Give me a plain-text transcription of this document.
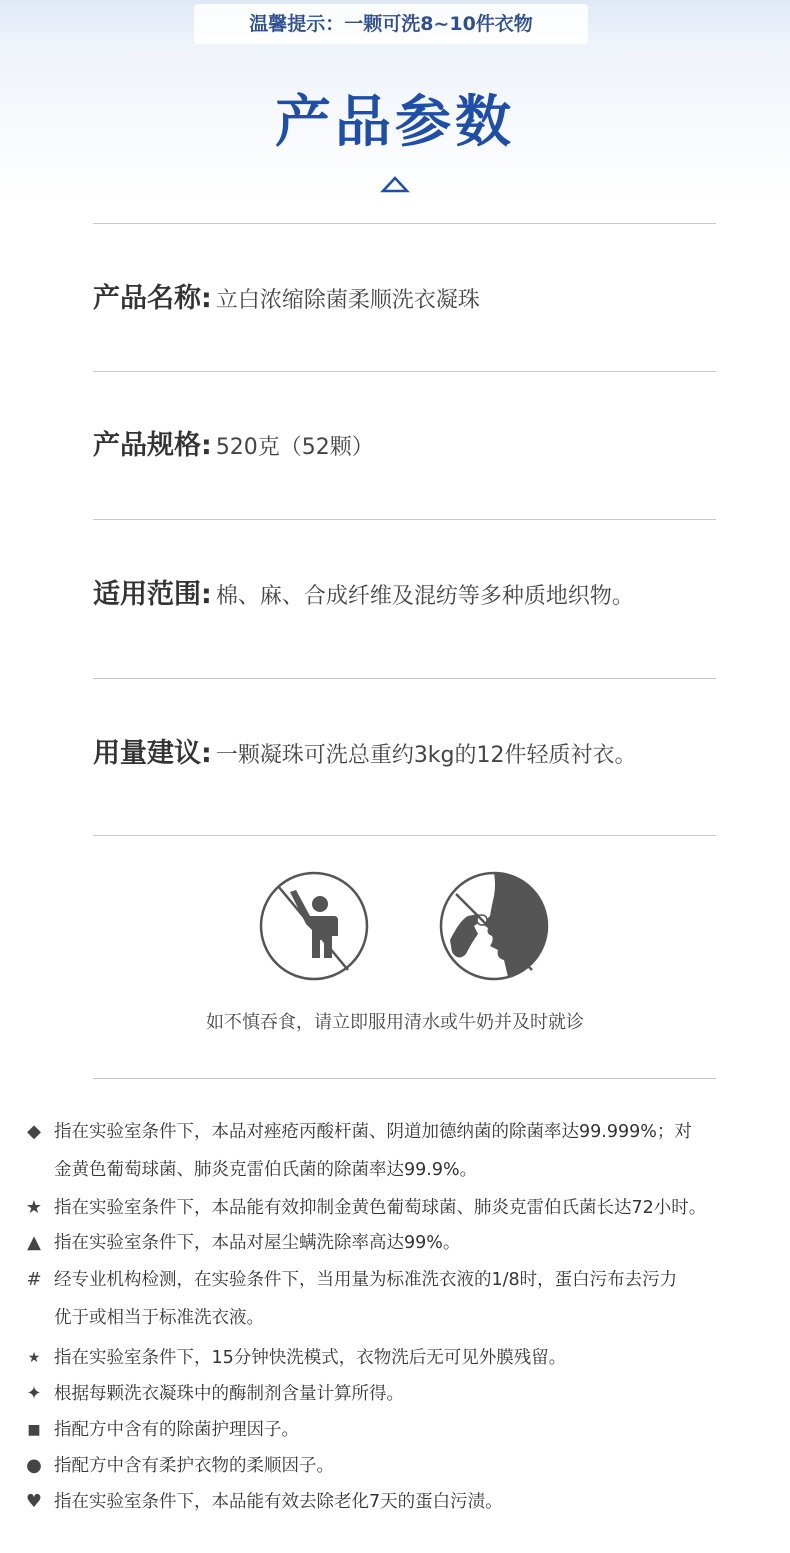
温馨提示：一颗可洗8~10件衣物
产品参数
产品名称: 立白浓缩除菌柔顺洗衣凝珠
产品规格: 520克（52颗）
适用范围: 棉、麻、合成纤维及混纺等多种质地织物。
用量建议: 一颗凝珠可洗总重约3kg的12件轻质衬衣。
如不慎吞食，请立即服用清水或牛奶并及时就诊
◆ 指在实验室条件下，本品对痤疮丙酸杆菌、阴道加德纳菌的除菌率达99.999%；对
金黄色葡萄球菌、肺炎克雷伯氏菌的除菌率达99.9%。
★ 指在实验室条件下，本品能有效抑制金黄色葡萄球菌、肺炎克雷伯氏菌长达72小时。
▲ 指在实验室条件下，本品对屋尘螨洗除率高达99%。
# 经专业机构检测，在实验条件下，当用量为标准洗衣液的1/8时，蛋白污布去污力
优于或相当于标准洗衣液。
★ 指在实验室条件下，15分钟快洗模式，衣物洗后无可见外膜残留。
✦ 根据每颗洗衣凝珠中的酶制剂含量计算所得。
■ 指配方中含有的除菌护理因子。
● 指配方中含有柔护衣物的柔顺因子。
♥ 指在实验室条件下，本品能有效去除老化7天的蛋白污渍。
